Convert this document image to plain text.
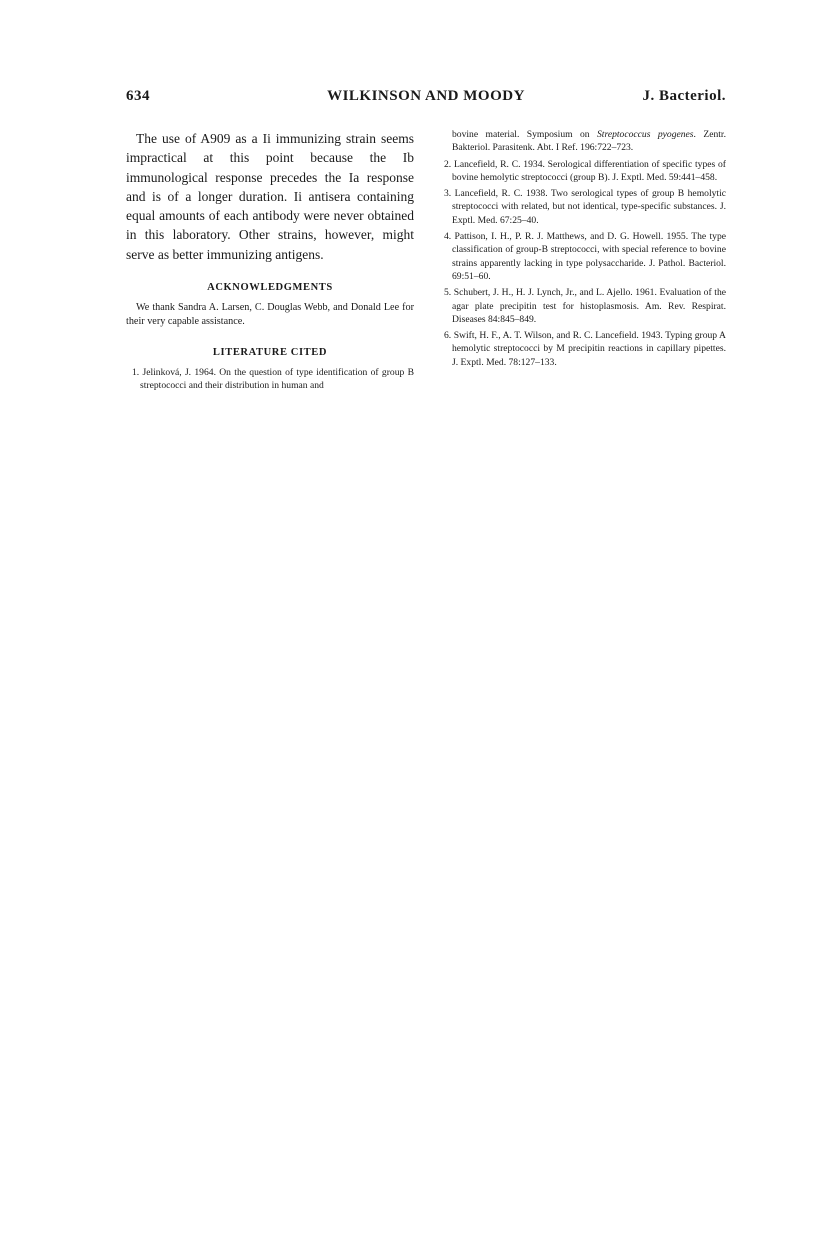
634	WILKINSON AND MOODY	J. Bacteriol.

The use of A909 as a Ii immunizing strain seems impractical at this point because the Ib immunological response precedes the Ia response and is of a longer duration. Ii antisera containing equal amounts of each antibody were never obtained in this laboratory. Other strains, however, might serve as better immunizing antigens.

ACKNOWLEDGMENTS

We thank Sandra A. Larsen, C. Douglas Webb, and Donald Lee for their very capable assistance.

LITERATURE CITED

1. Jelinková, J. 1964. On the question of type identification of group B streptococci and their distribution in human and

bovine material. Symposium on Streptococcus pyogenes. Zentr. Bakteriol. Parasitenk. Abt. I Ref. 196:722–723.

2. Lancefield, R. C. 1934. Serological differentiation of specific types of bovine hemolytic streptococci (group B). J. Exptl. Med. 59:441–458.

3. Lancefield, R. C. 1938. Two serological types of group B hemolytic streptococci with related, but not identical, type-specific substances. J. Exptl. Med. 67:25–40.

4. Pattison, I. H., P. R. J. Matthews, and D. G. Howell. 1955. The type classification of group-B streptococci, with special reference to bovine strains apparently lacking in type polysaccharide. J. Pathol. Bacteriol. 69:51–60.

5. Schubert, J. H., H. J. Lynch, Jr., and L. Ajello. 1961. Evaluation of the agar plate precipitin test for histoplasmosis. Am. Rev. Respirat. Diseases 84:845–849.

6. Swift, H. F., A. T. Wilson, and R. C. Lancefield. 1943. Typing group A hemolytic streptococci by M precipitin reactions in capillary pipettes. J. Exptl. Med. 78:127–133.
